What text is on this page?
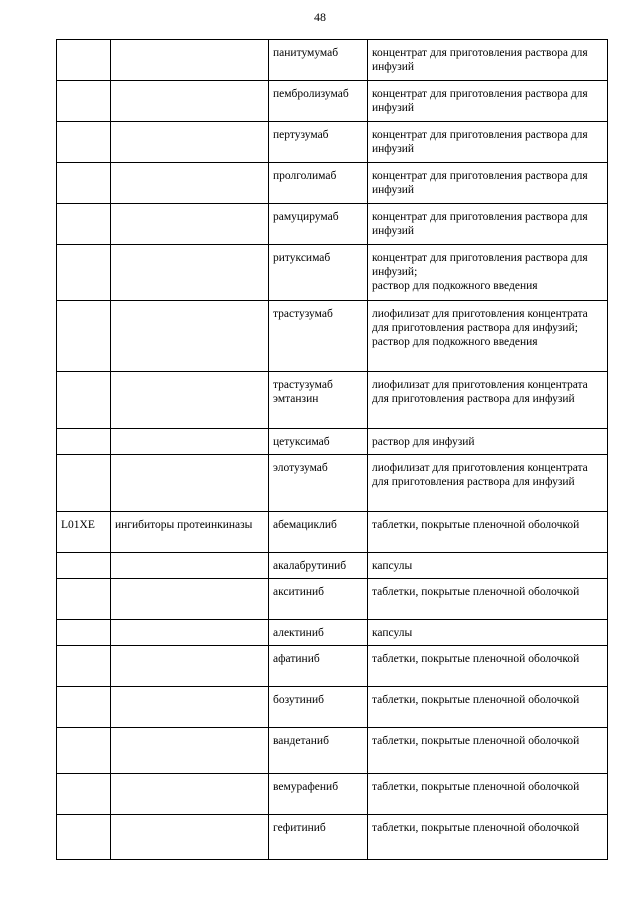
48
		панитумумаб	концентрат для приготовления раствора для инфузий

		пембролизумаб	концентрат для приготовления раствора для инфузий

		пертузумаб	концентрат для приготовления раствора для инфузий

		пролголимаб	концентрат для приготовления раствора для инфузий

		рамуцирумаб	концентрат для приготовления раствора для инфузий

		ритуксимаб	концентрат для приготовления раствора для инфузий;
раствор для подкожного введения

		трастузумаб	лиофилизат для приготовления концентрата для приготовления раствора для инфузий;
раствор для подкожного введения

		трастузумаб эмтанзин	лиофилизат для приготовления концентрата для приготовления раствора для инфузий

		цетуксимаб	раствор для инфузий

		элотузумаб	лиофилизат для приготовления концентрата для приготовления раствора для инфузий

L01XE	ингибиторы протеинкиназы	абемациклиб	таблетки, покрытые пленочной оболочкой

		акалабрутиниб	капсулы

		акситиниб	таблетки, покрытые пленочной оболочкой

		алектиниб	капсулы

		афатиниб	таблетки, покрытые пленочной оболочкой

		бозутиниб	таблетки, покрытые пленочной оболочкой

		вандетаниб	таблетки, покрытые пленочной оболочкой

		вемурафениб	таблетки, покрытые пленочной оболочкой

		гефитиниб	таблетки, покрытые пленочной оболочкой
